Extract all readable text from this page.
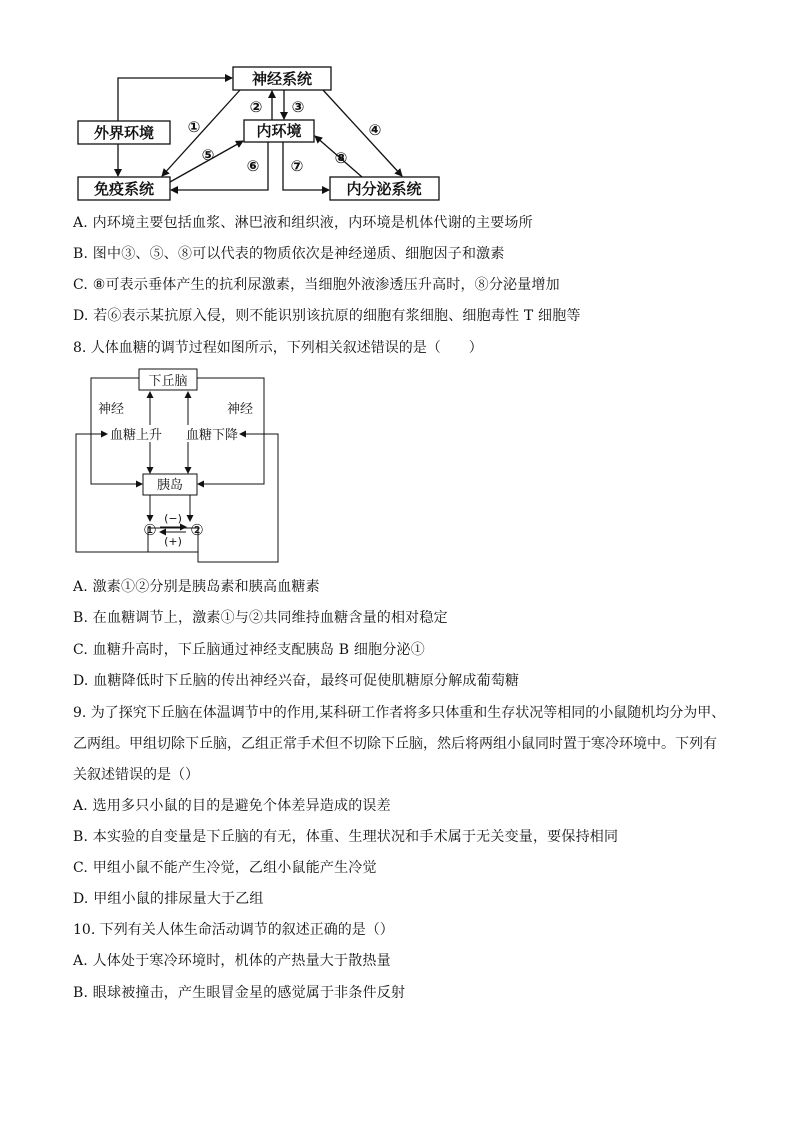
神经系统
外界环境	内环境
免疫系统	内分泌系统
①
② ③
④
⑤
⑥ ⑦ ⑧
A. 内环境主要包括血浆、淋巴液和组织液，内环境是机体代谢的主要场所
B. 图中③、⑤、⑧可以代表的物质依次是神经递质、细胞因子和激素
C. ⑧可表示垂体产生的抗利尿激素，当细胞外液渗透压升高时，⑧分泌量增加
D. 若⑥表示某抗原入侵，则不能识别该抗原的细胞有浆细胞、细胞毒性 T 细胞等
8. 人体血糖的调节过程如图所示，下列相关叙述错误的是（　　）
下丘脑
神经	神经
血糖上升 血糖下降
胰岛
① ②
(−)
(+)
A. 激素①②分别是胰岛素和胰高血糖素
B. 在血糖调节上，激素①与②共同维持血糖含量的相对稳定
C. 血糖升高时，下丘脑通过神经支配胰岛 B 细胞分泌①
D. 血糖降低时下丘脑的传出神经兴奋，最终可促使肌糖原分解成葡萄糖
9. 为了探究下丘脑在体温调节中的作用,某科研工作者将多只体重和生存状况等相同的小鼠随机均分为甲、
乙两组。甲组切除下丘脑，乙组正常手术但不切除下丘脑，然后将两组小鼠同时置于寒冷环境中。下列有
关叙述错误的是（）
A. 选用多只小鼠的目的是避免个体差异造成的误差
B. 本实验的自变量是下丘脑的有无，体重、生理状况和手术属于无关变量，要保持相同
C. 甲组小鼠不能产生冷觉，乙组小鼠能产生冷觉
D. 甲组小鼠的排尿量大于乙组
10. 下列有关人体生命活动调节的叙述正确的是（）
A. 人体处于寒冷环境时，机体的产热量大于散热量
B. 眼球被撞击，产生眼冒金星的感觉属于非条件反射
